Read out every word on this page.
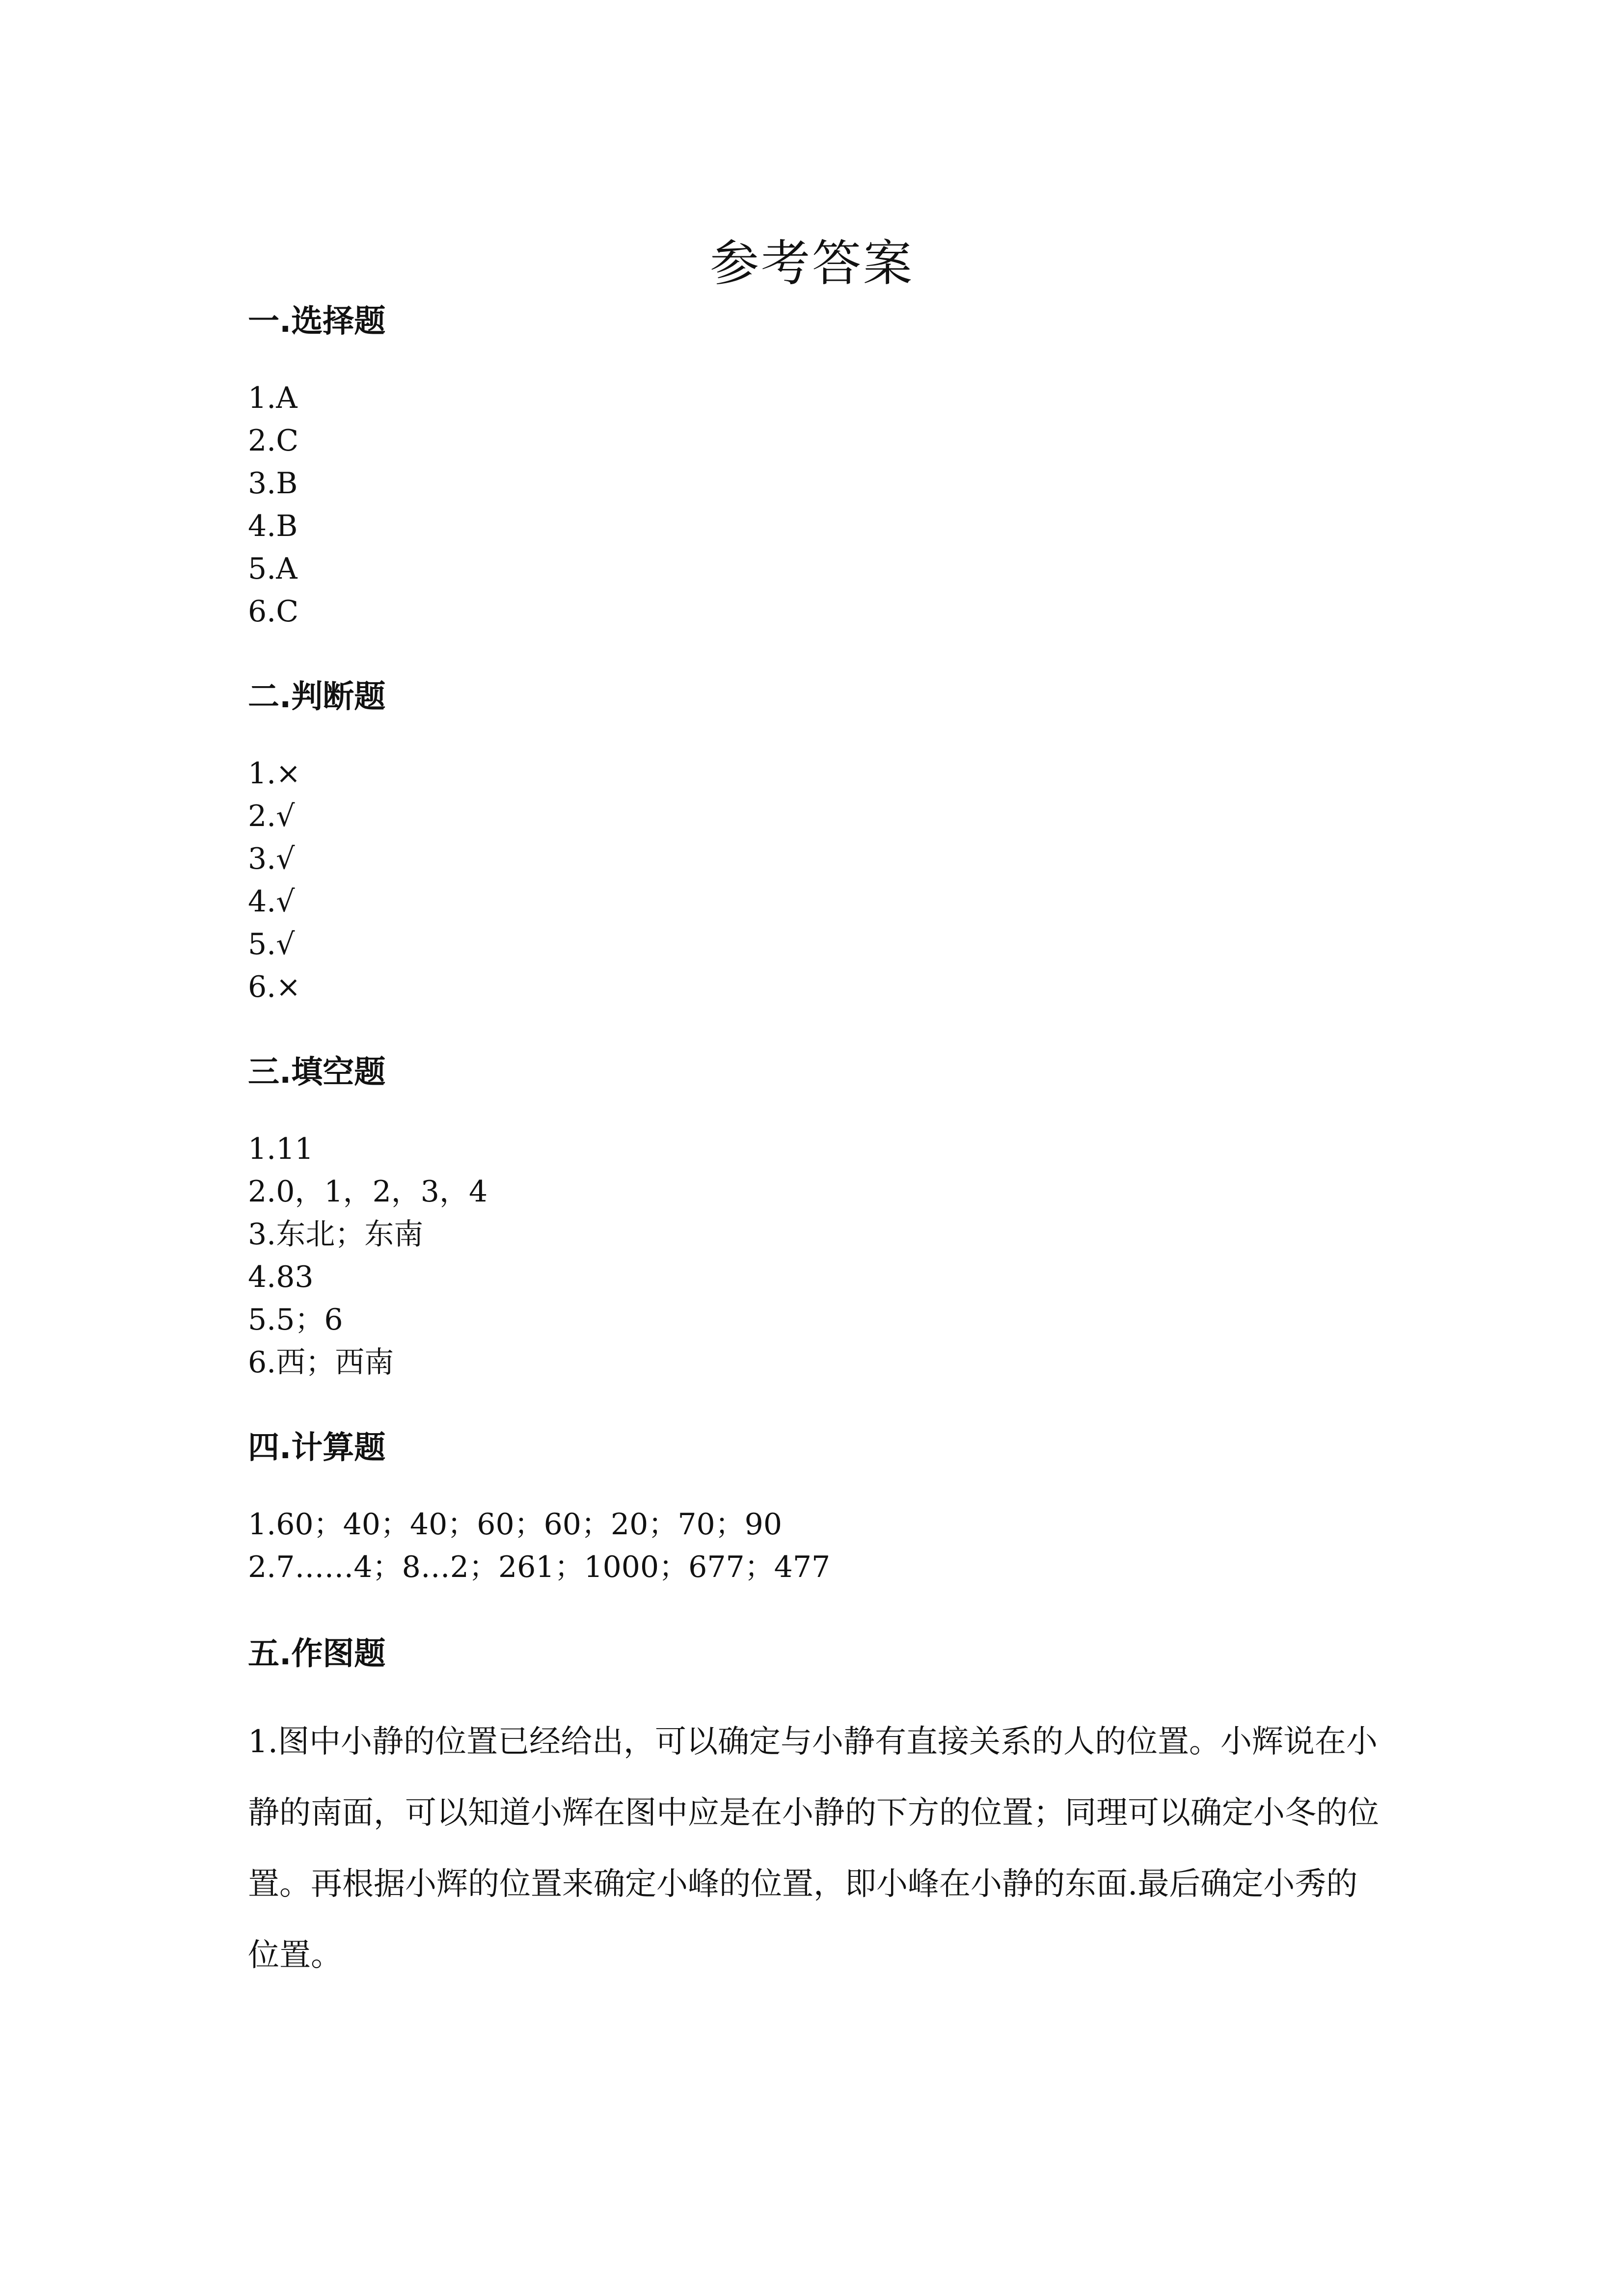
参考答案
一.选择题
1.A
2.C
3.B
4.B
5.A
6.C
二.判断题
1.×
2.√
3.√
4.√
5.√
6.×
三.填空题
1.11
2.0，1，2，3，4
3.东北；东南
4.83
5.5；6
6.西；西南
四.计算题
1.60；40；40；60；60；20；70；90
2.7……4；8…2；261；1000；677；477
五.作图题

1.图中小静的位置已经给出，可以确定与小静有直接关系的人的位置。小辉说在小静的南面，可以知道小辉在图中应是在小静的下方的位置；同理可以确定小冬的位置。再根据小辉的位置来确定小峰的位置，即小峰在小静的东面.最后确定小秀的位置。
